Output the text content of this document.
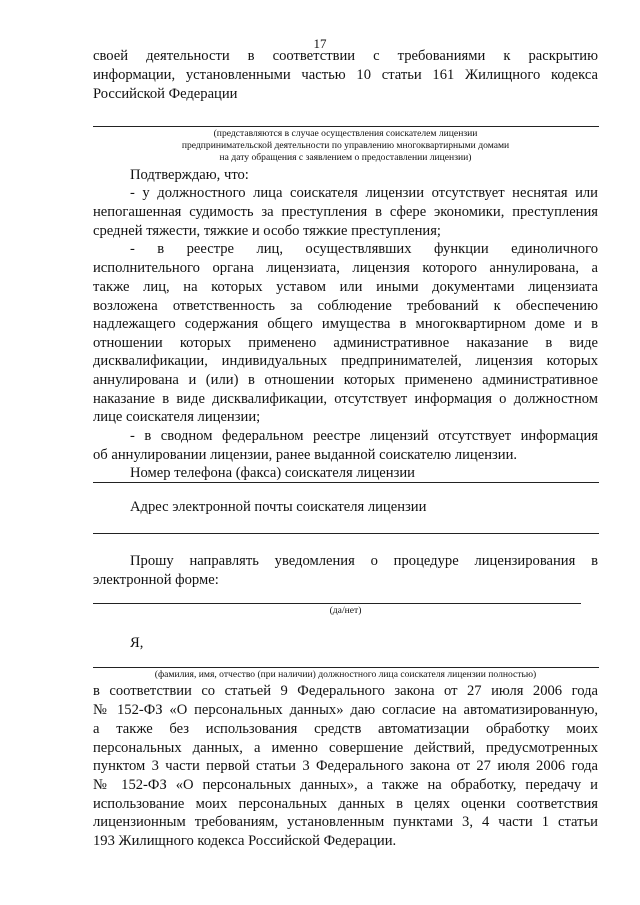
17
своей деятельности в соответствии с требованиями к раскрытию
информации, установленными частью 10 статьи 161 Жилищного кодекса
Российской Федерации
(представляются в случае осуществления соискателем лицензии
предпринимательской деятельности по управлению многоквартирными домами
на дату обращения с заявлением о предоставлении лицензии)
Подтверждаю, что:
- у должностного лица соискателя лицензии отсутствует неснятая или
непогашенная судимость за преступления в сфере экономики, преступления
средней тяжести, тяжкие и особо тяжкие преступления;
- в реестре лиц, осуществлявших функции единоличного
исполнительного органа лицензиата, лицензия которого аннулирована, а
также лиц, на которых уставом или иными документами лицензиата
возложена ответственность за соблюдение требований к обеспечению
надлежащего содержания общего имущества в многоквартирном доме и в
отношении которых применено административное наказание в виде
дисквалификации, индивидуальных предпринимателей, лицензия которых
аннулирована и (или) в отношении которых применено административное
наказание в виде дисквалификации, отсутствует информация о должностном
лице соискателя лицензии;
- в сводном федеральном реестре лицензий отсутствует информация
об аннулировании лицензии, ранее выданной соискателю лицензии.
Номер телефона (факса) соискателя лицензии
Адрес электронной почты соискателя лицензии
Прошу направлять уведомления о процедуре лицензирования в
электронной форме:
(да/нет)
Я,
(фамилия, имя, отчество (при наличии) должностного лица соискателя лицензии полностью)
в соответствии со статьей 9 Федерального закона от 27 июля 2006 года
№ 152-ФЗ «О персональных данных» даю согласие на автоматизированную,
а также без использования средств автоматизации обработку моих
персональных данных, а именно совершение действий, предусмотренных
пунктом 3 части первой статьи 3 Федерального закона от 27 июля 2006 года
№ 152-ФЗ «О персональных данных», а также на обработку, передачу и
использование моих персональных данных в целях оценки соответствия
лицензионным требованиям, установленным пунктами 3, 4 части 1 статьи
193 Жилищного кодекса Российской Федерации.
